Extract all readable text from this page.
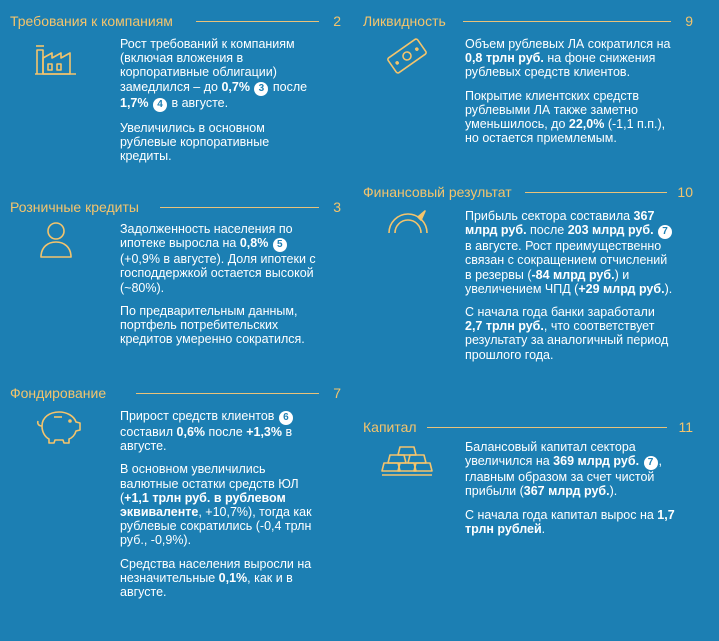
Требования к компаниям	2

Рост требований к компаниям (включая вложения в корпоративные облигации) замедлился – до 0,7% 3 после 1,7% 4 в августе.

Увеличились в основном рублевые корпоративные кредиты.

Розничные кредиты	3

Задолженность населения по ипотеке выросла на 0,8% 5 (+0,9% в августе). Доля ипотеки с господдержкой остается высокой (~80%).

По предварительным данным, портфель потребительских кредитов умеренно сократился.

Фондирование	7

Прирост средств клиентов 6 составил 0,6% после +1,3% в августе.

В основном увеличились валютные остатки средств ЮЛ (+1,1 трлн руб. в рублевом эквиваленте, +10,7%), тогда как рублевые сократились (-0,4 трлн руб., -0,9%).

Средства населения выросли на незначительные 0,1%, как и в августе.

Ликвидность	9

Объем рублевых ЛА сократился на 0,8 трлн руб. на фоне снижения рублевых средств клиентов.

Покрытие клиентских средств рублевыми ЛА также заметно уменьшилось, до 22,0% (-1,1 п.п.), но остается приемлемым.

Финансовый результат	10

Прибыль сектора составила 367 млрд руб. после 203 млрд руб. 7 в августе. Рост преимущественно связан с сокращением отчислений в резервы (-84 млрд руб.) и увеличением ЧПД (+29 млрд руб.).

С начала года банки заработали 2,7 трлн руб., что соответствует результату за аналогичный период прошлого года.

Капитал	11

Балансовый капитал сектора увеличился на 369 млрд руб. 7 , главным образом за счет чистой прибыли (367 млрд руб.).

С начала года капитал вырос на 1,7 трлн рублей.
